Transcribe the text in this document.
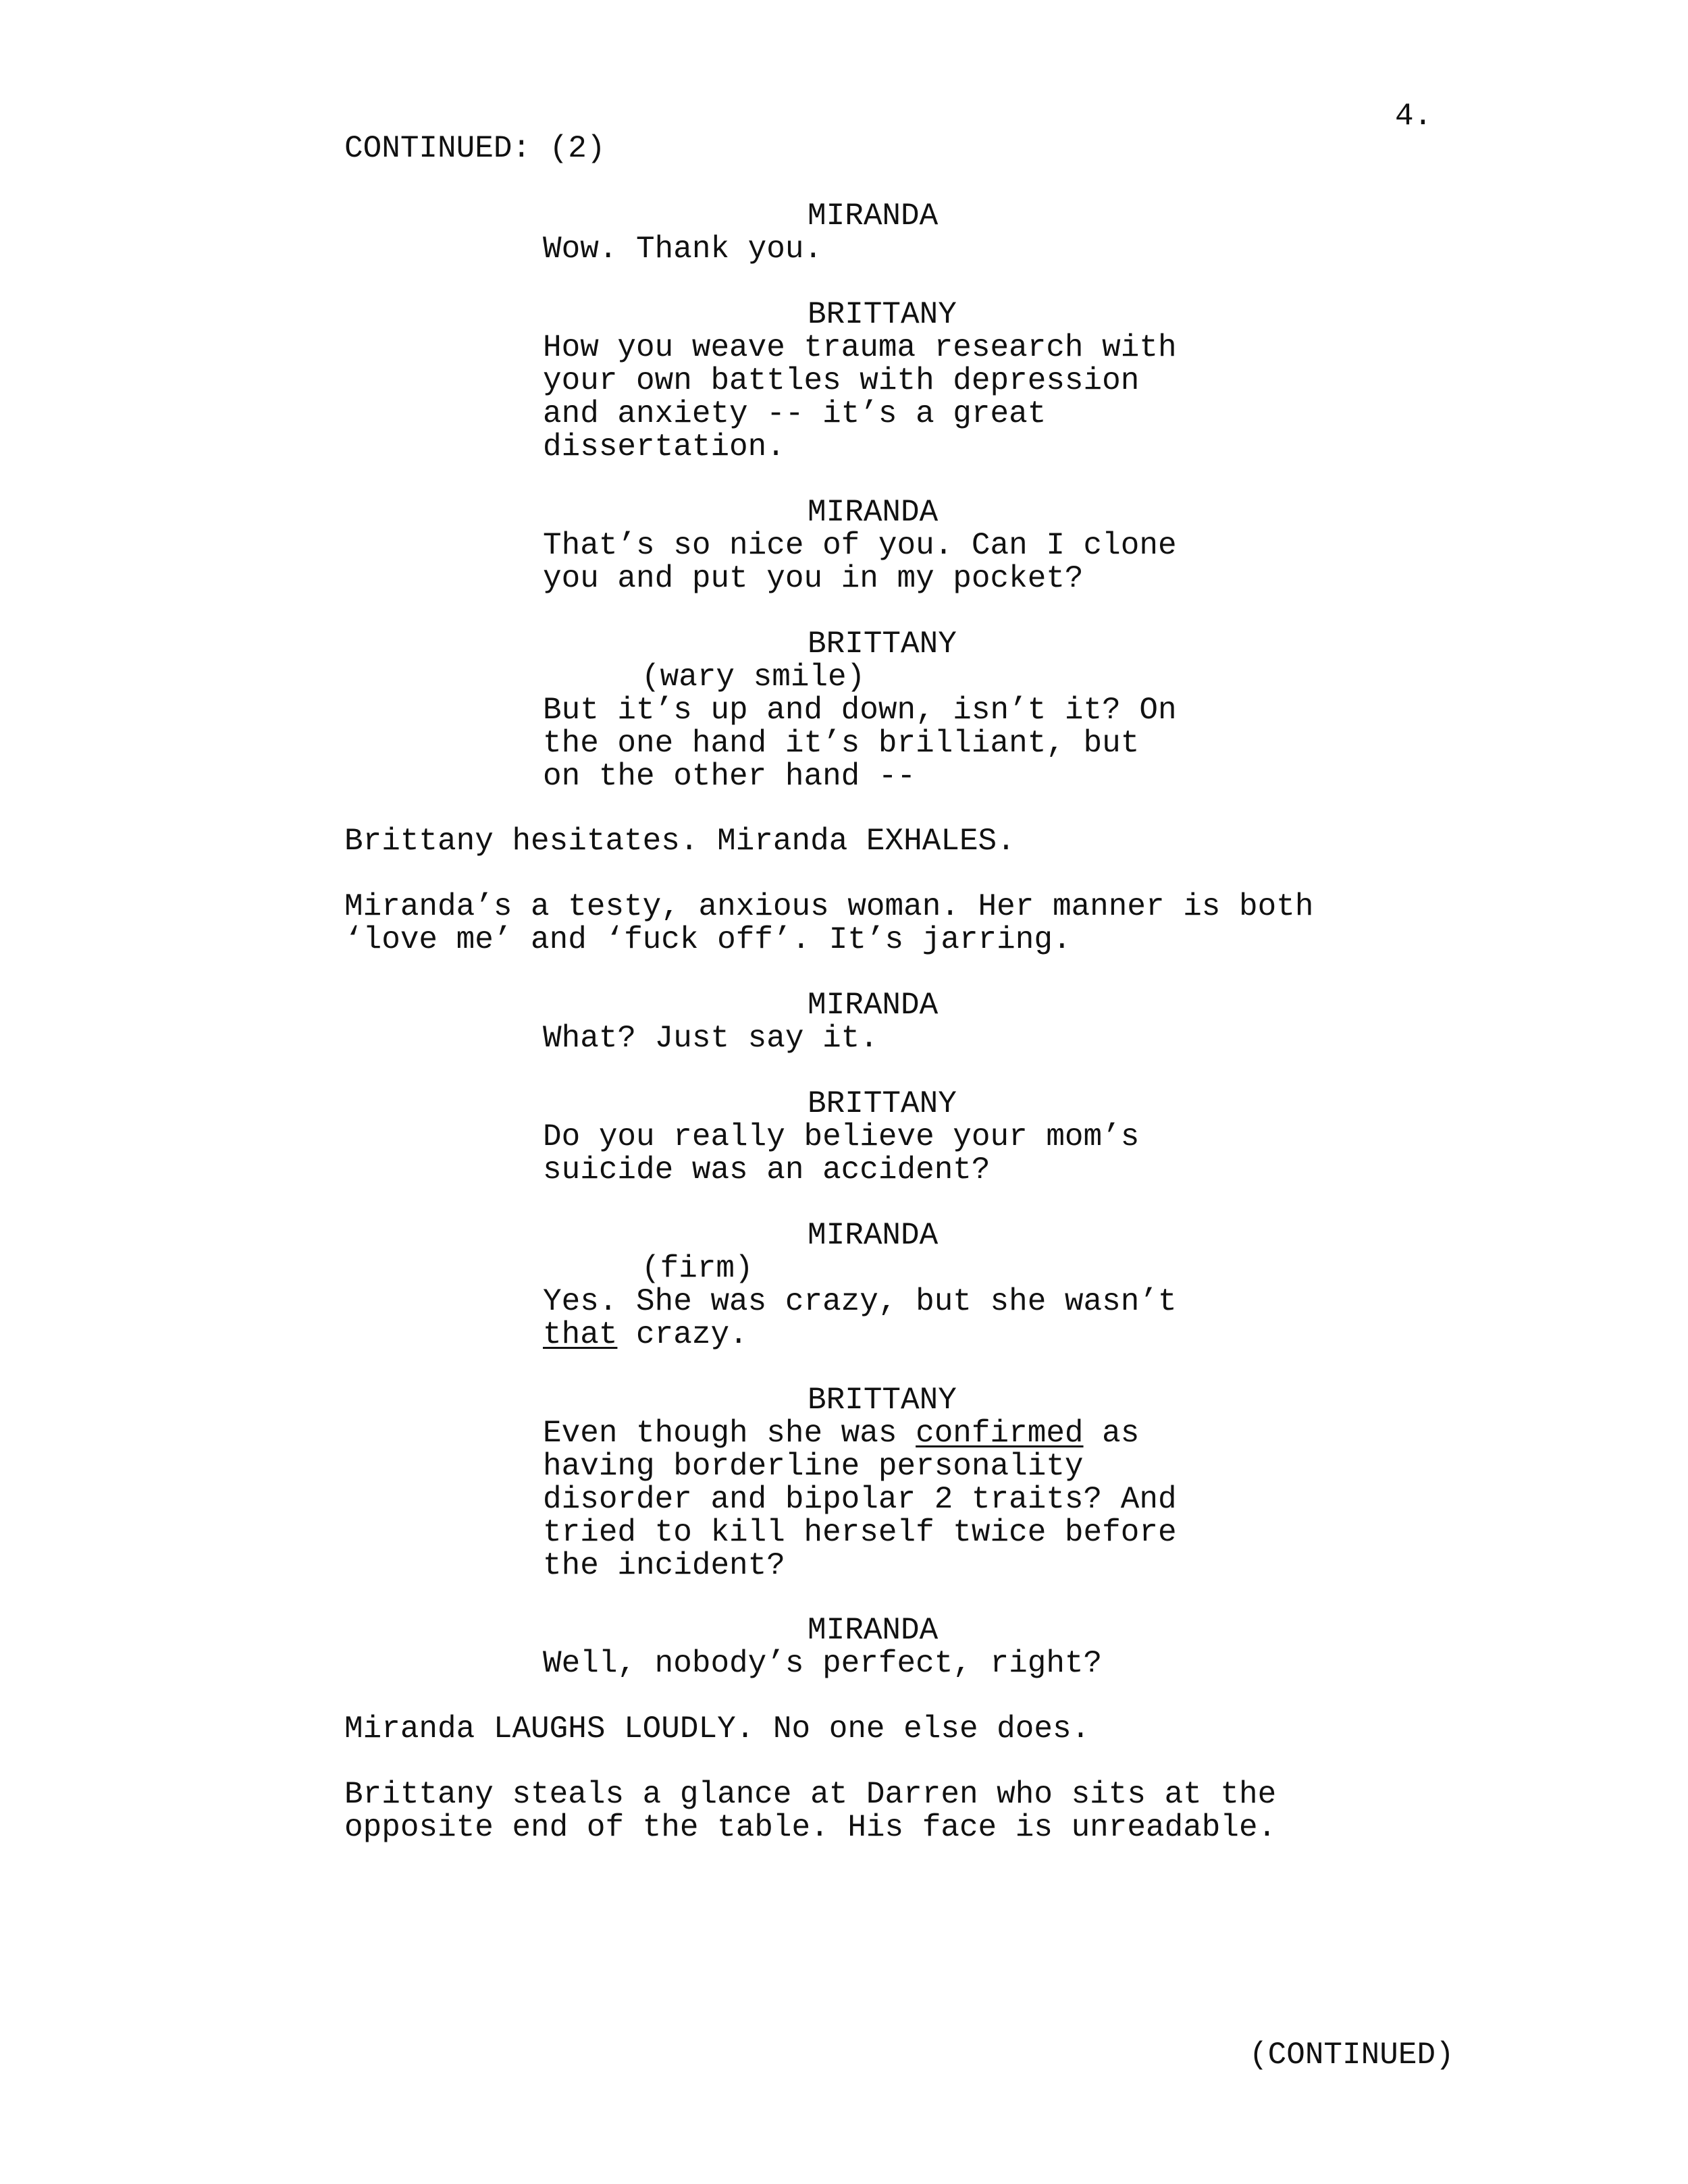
4.
CONTINUED: (2)
MIRANDA
Wow. Thank you.
BRITTANY
How you weave trauma research with
your own battles with depression
and anxiety -- it’s a great
dissertation.
MIRANDA
That’s so nice of you. Can I clone
you and put you in my pocket?
BRITTANY
(wary smile)
But it’s up and down, isn’t it? On
the one hand it’s brilliant, but
on the other hand --
Brittany hesitates. Miranda EXHALES.
Miranda’s a testy, anxious woman. Her manner is both
‘love me’ and ‘fuck off’. It’s jarring.
MIRANDA
What? Just say it.
BRITTANY
Do you really believe your mom’s
suicide was an accident?
MIRANDA
(firm)
Yes. She was crazy, but she wasn’t
that crazy.
BRITTANY
Even though she was confirmed as
having borderline personality
disorder and bipolar 2 traits? And
tried to kill herself twice before
the incident?
MIRANDA
Well, nobody’s perfect, right?
Miranda LAUGHS LOUDLY. No one else does.
Brittany steals a glance at Darren who sits at the
opposite end of the table. His face is unreadable.
(CONTINUED)
